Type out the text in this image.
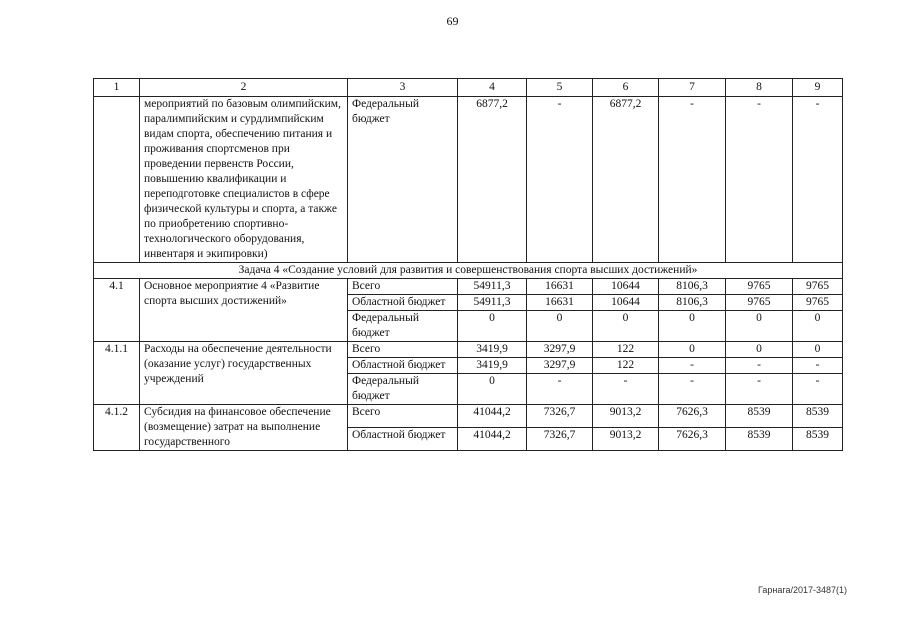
69
1	2	3	4	5	6	7	8	9
	мероприятий по базовым олимпийским, паралимпийским и сурдлимпийским видам спорта, обеспечению питания и проживания спортсменов при проведении первенств России, повышению квалификации и переподготовке специалистов в сфере физической культуры и спорта, а также по приобретению спортивно-технологического оборудования, инвентаря и экипировки)	Федеральный бюджет	6877,2	-	6877,2	-	-	-
Задача 4 «Создание условий для развития и совершенствования спорта высших достижений»								
4.1	Основное мероприятие 4 «Развитие спорта высших достижений»	Всего	54911,3	16631	10644	8106,3	9765	9765
		Областной бюджет	54911,3	16631	10644	8106,3	9765	9765
		Федеральный бюджет	0	0	0	0	0	0
4.1.1	Расходы на обеспечение деятельности (оказание услуг) государственных учреждений	Всего	3419,9	3297,9	122	0	0	0
		Областной бюджет	3419,9	3297,9	122	-	-	-
		Федеральный бюджет	0	-	-	-	-	-
4.1.2	Субсидия на финансовое обеспечение (возмещение) затрат на выполнение государственного	Всего	41044,2	7326,7	9013,2	7626,3	8539	8539
		Областной бюджет	41044,2	7326,7	9013,2	7626,3	8539	8539
Гарнага/2017-3487(1)
